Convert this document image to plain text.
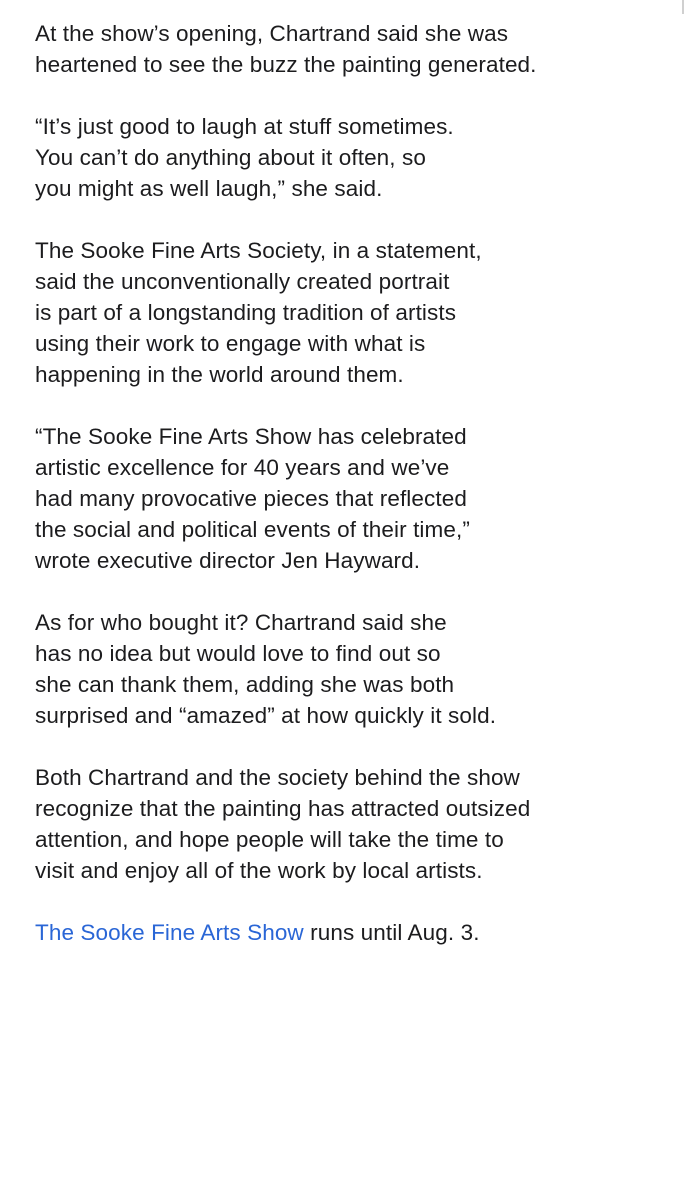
At the show’s opening, Chartrand said she was
heartened to see the buzz the painting generated.

“It’s just good to laugh at stuff sometimes.
You can’t do anything about it often, so
you might as well laugh,” she said.

The Sooke Fine Arts Society, in a statement,
said the unconventionally created portrait
is part of a longstanding tradition of artists
using their work to engage with what is
happening in the world around them.

“The Sooke Fine Arts Show has celebrated
artistic excellence for 40 years and we’ve
had many provocative pieces that reflected
the social and political events of their time,”
wrote executive director Jen Hayward.

As for who bought it? Chartrand said she
has no idea but would love to find out so
she can thank them, adding she was both
surprised and “amazed” at how quickly it sold.

Both Chartrand and the society behind the show
recognize that the painting has attracted outsized
attention, and hope people will take the time to
visit and enjoy all of the work by local artists.

The Sooke Fine Arts Show runs until Aug. 3.
